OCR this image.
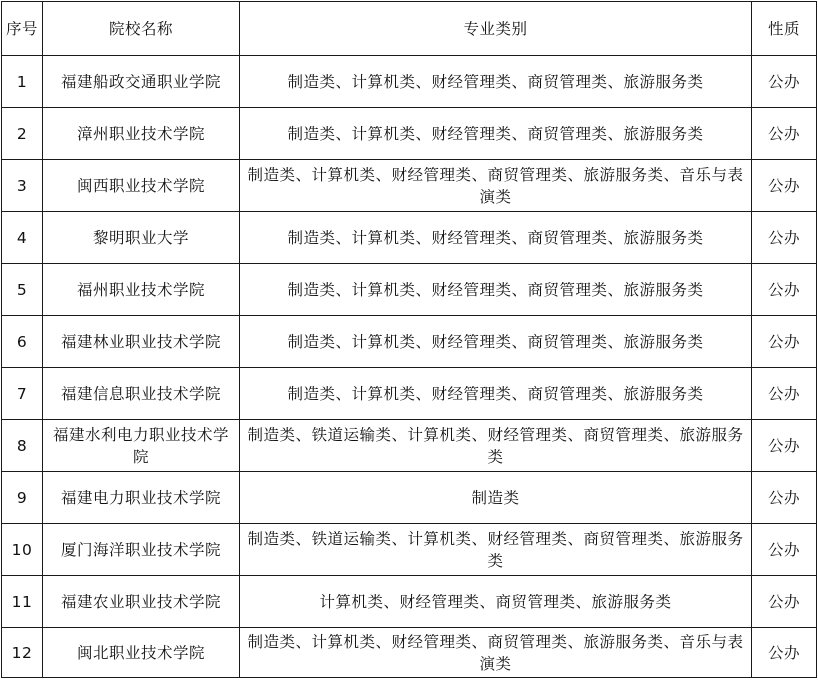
序号	院校名称	专业类别	性质
1	福建船政交通职业学院	制造类、计算机类、财经管理类、商贸管理类、旅游服务类	公办
2	漳州职业技术学院	制造类、计算机类、财经管理类、商贸管理类、旅游服务类	公办
3	闽西职业技术学院	制造类、计算机类、财经管理类、商贸管理类、旅游服务类、音乐与表演类	公办
4	黎明职业大学	制造类、计算机类、财经管理类、商贸管理类、旅游服务类	公办
5	福州职业技术学院	制造类、计算机类、财经管理类、商贸管理类、旅游服务类	公办
6	福建林业职业技术学院	制造类、计算机类、财经管理类、商贸管理类、旅游服务类	公办
7	福建信息职业技术学院	制造类、计算机类、财经管理类、商贸管理类、旅游服务类	公办
8	福建水利电力职业技术学院	制造类、铁道运输类、计算机类、财经管理类、商贸管理类、旅游服务类	公办
9	福建电力职业技术学院	制造类	公办
10	厦门海洋职业技术学院	制造类、铁道运输类、计算机类、财经管理类、商贸管理类、旅游服务类	公办
11	福建农业职业技术学院	计算机类、财经管理类、商贸管理类、旅游服务类	公办
12	闽北职业技术学院	制造类、计算机类、财经管理类、商贸管理类、旅游服务类、音乐与表演类	公办
